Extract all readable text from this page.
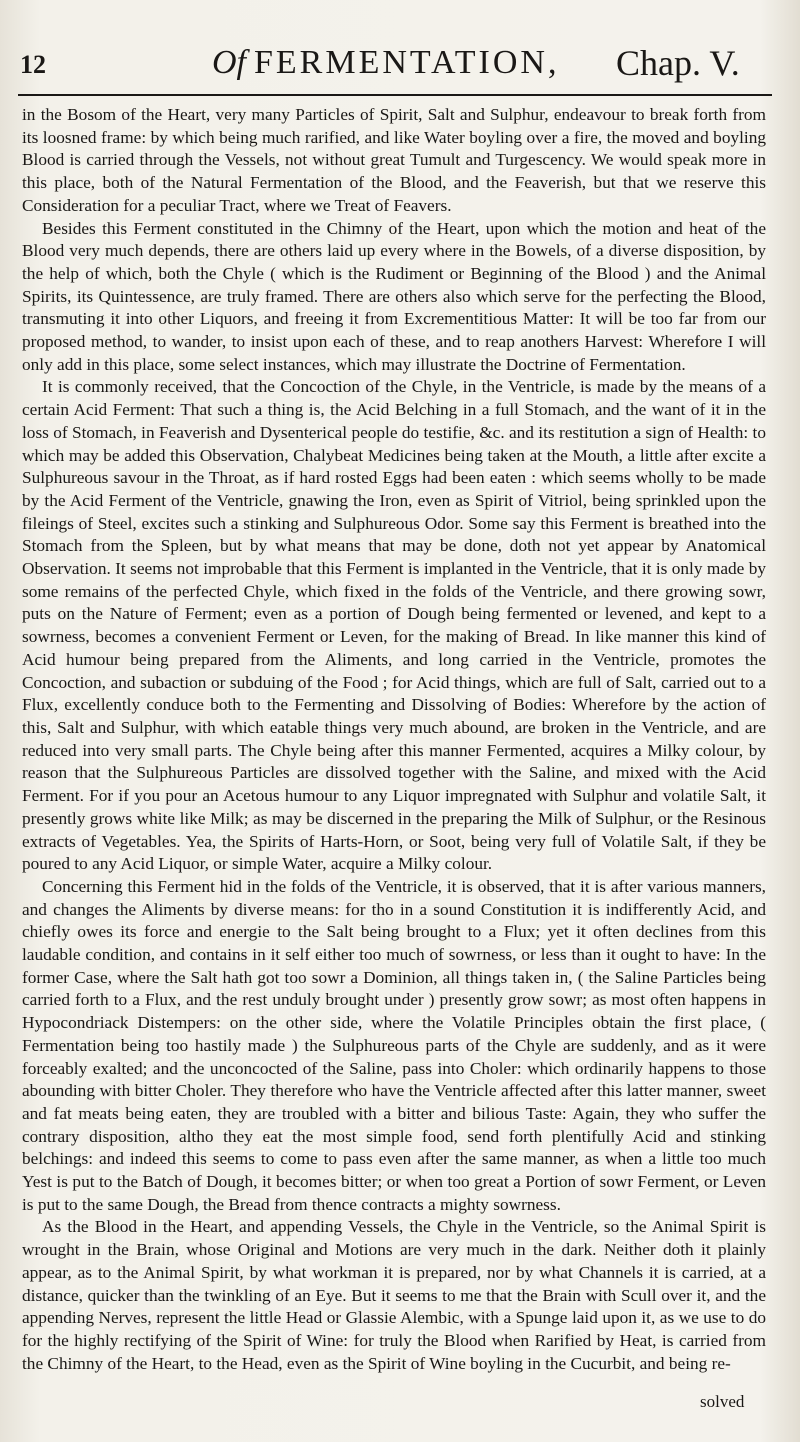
12	Of FERMENTATION, Chap. V.

in the Bosom of the Heart, very many Particles of Spirit, Salt and Sulphur, endeavour to break forth from its loosned frame: by which being much rarified, and like Water boyling over a fire, the moved and boyling Blood is carried through the Vessels, not without great Tumult and Turgescency. We would speak more in this place, both of the Natural Fermentation of the Blood, and the Feaverish, but that we reserve this Consideration for a peculiar Tract, where we Treat of Feavers.

Besides this Ferment constituted in the Chimny of the Heart, upon which the motion and heat of the Blood very much depends, there are others laid up every where in the Bowels, of a diverse disposition, by the help of which, both the Chyle ( which is the Rudiment or Beginning of the Blood ) and the Animal Spirits, its Quintessence, are truly framed. There are others also which serve for the perfecting the Blood, transmuting it into other Liquors, and freeing it from Excrementitious Matter: It will be too far from our proposed method, to wander, to insist upon each of these, and to reap anothers Harvest: Wherefore I will only add in this place, some select instances, which may illustrate the Doctrine of Fermentation.

It is commonly received, that the Concoction of the Chyle, in the Ventricle, is made by the means of a certain Acid Ferment: That such a thing is, the Acid Belching in a full Stomach, and the want of it in the loss of Stomach, in Feaverish and Dysenterical people do testifie, &c. and its restitution a sign of Health: to which may be added this Observation, Chalybeat Medicines being taken at the Mouth, a little after excite a Sulphureous savour in the Throat, as if hard rosted Eggs had been eaten : which seems wholly to be made by the Acid Ferment of the Ventricle, gnawing the Iron, even as Spirit of Vitriol, being sprinkled upon the fileings of Steel, excites such a stinking and Sulphureous Odor. Some say this Ferment is breathed into the Stomach from the Spleen, but by what means that may be done, doth not yet appear by Anatomical Observation. It seems not improbable that this Ferment is implanted in the Ventricle, that it is only made by some remains of the perfected Chyle, which fixed in the folds of the Ventricle, and there growing sowr, puts on the Nature of Ferment; even as a portion of Dough being fermented or levened, and kept to a sowrness, becomes a convenient Ferment or Leven, for the making of Bread. In like manner this kind of Acid humour being prepared from the Aliments, and long carried in the Ventricle, promotes the Concoction, and subaction or subduing of the Food ; for Acid things, which are full of Salt, carried out to a Flux, excellently conduce both to the Fermenting and Dissolving of Bodies: Wherefore by the action of this, Salt and Sulphur, with which eatable things very much abound, are broken in the Ventricle, and are reduced into very small parts. The Chyle being after this manner Fermented, acquires a Milky colour, by reason that the Sulphureous Particles are dissolved together with the Saline, and mixed with the Acid Ferment. For if you pour an Acetous humour to any Liquor impregnated with Sulphur and volatile Salt, it presently grows white like Milk; as may be discerned in the preparing the Milk of Sulphur, or the Resinous extracts of Vegetables. Yea, the Spirits of Harts-Horn, or Soot, being very full of Volatile Salt, if they be poured to any Acid Liquor, or simple Water, acquire a Milky colour.

Concerning this Ferment hid in the folds of the Ventricle, it is observed, that it is after various manners, and changes the Aliments by diverse means: for tho in a sound Constitution it is indifferently Acid, and chiefly owes its force and energie to the Salt being brought to a Flux; yet it often declines from this laudable condition, and contains in it self either too much of sowrness, or less than it ought to have: In the former Case, where the Salt hath got too sowr a Dominion, all things taken in, ( the Saline Particles being carried forth to a Flux, and the rest unduly brought under ) presently grow sowr; as most often happens in Hypocondriack Distempers: on the other side, where the Volatile Principles obtain the first place, ( Fermentation being too hastily made ) the Sulphureous parts of the Chyle are suddenly, and as it were forceably exalted; and the unconcocted of the Saline, pass into Choler: which ordinarily happens to those abounding with bitter Choler. They therefore who have the Ventricle affected after this latter manner, sweet and fat meats being eaten, they are troubled with a bitter and bilious Taste: Again, they who suffer the contrary disposition, altho they eat the most simple food, send forth plentifully Acid and stinking belchings: and indeed this seems to come to pass even after the same manner, as when a little too much Yest is put to the Batch of Dough, it becomes bitter; or when too great a Portion of sowr Ferment, or Leven is put to the same Dough, the Bread from thence contracts a mighty sowrness.

As the Blood in the Heart, and appending Vessels, the Chyle in the Ventricle, so the Animal Spirit is wrought in the Brain, whose Original and Motions are very much in the dark. Neither doth it plainly appear, as to the Animal Spirit, by what workman it is prepared, nor by what Channels it is carried, at a distance, quicker than the twinkling of an Eye. But it seems to me that the Brain with Scull over it, and the appending Nerves, represent the little Head or Glassie Alembic, with a Spunge laid upon it, as we use to do for the highly rectifying of the Spirit of Wine: for truly the Blood when Rarified by Heat, is carried from the Chimny of the Heart, to the Head, even as the Spirit of Wine boyling in the Cucurbit, and being re-

solved
